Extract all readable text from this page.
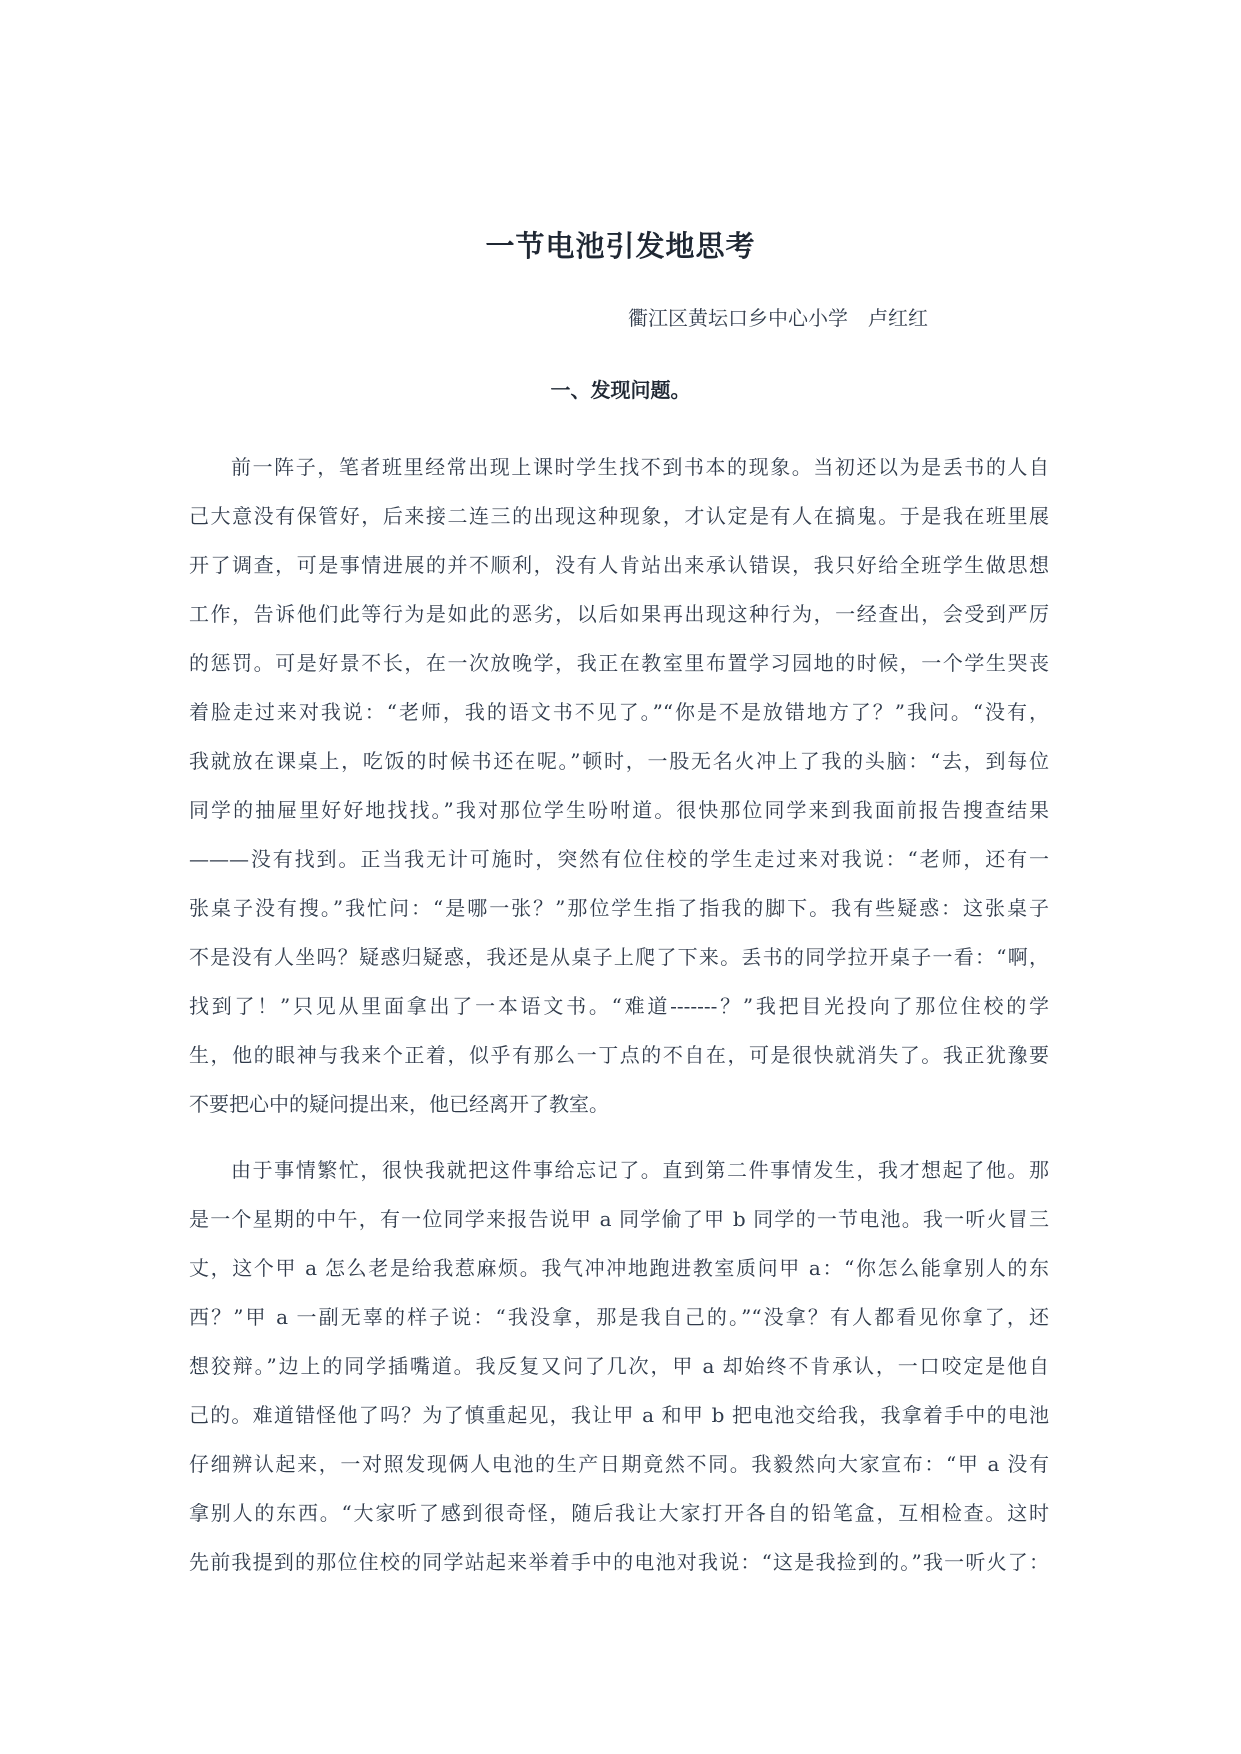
一节电池引发地思考
衢江区黄坛口乡中心小学　卢红红
一、发现问题。
前一阵子，笔者班里经常出现上课时学生找不到书本的现象。当初还以为是丢书的人自
己大意没有保管好，后来接二连三的出现这种现象，才认定是有人在搞鬼。于是我在班里展
开了调查，可是事情进展的并不顺利，没有人肯站出来承认错误，我只好给全班学生做思想
工作，告诉他们此等行为是如此的恶劣，以后如果再出现这种行为，一经查出，会受到严厉
的惩罚。可是好景不长，在一次放晚学，我正在教室里布置学习园地的时候，一个学生哭丧
着脸走过来对我说：“老师，我的语文书不见了。”“你是不是放错地方了？”我问。“没有，
我就放在课桌上，吃饭的时候书还在呢。”顿时，一股无名火冲上了我的头脑：“去，到每位
同学的抽屉里好好地找找。”我对那位学生吩咐道。很快那位同学来到我面前报告搜查结果
———没有找到。正当我无计可施时，突然有位住校的学生走过来对我说：“老师，还有一
张桌子没有搜。”我忙问：“是哪一张？”那位学生指了指我的脚下。我有些疑惑：这张桌子
不是没有人坐吗？疑惑归疑惑，我还是从桌子上爬了下来。丢书的同学拉开桌子一看：“啊，
找到了！”只见从里面拿出了一本语文书。“难道-------？”我把目光投向了那位住校的学
生，他的眼神与我来个正着，似乎有那么一丁点的不自在，可是很快就消失了。我正犹豫要
不要把心中的疑问提出来，他已经离开了教室。
由于事情繁忙，很快我就把这件事给忘记了。直到第二件事情发生，我才想起了他。那
是一个星期的中午，有一位同学来报告说甲 a 同学偷了甲 b 同学的一节电池。我一听火冒三
丈，这个甲 a 怎么老是给我惹麻烦。我气冲冲地跑进教室质问甲 a：“你怎么能拿别人的东
西？”甲 a 一副无辜的样子说：“我没拿，那是我自己的。”“没拿？有人都看见你拿了，还
想狡辩。”边上的同学插嘴道。我反复又问了几次，甲 a 却始终不肯承认，一口咬定是他自
己的。难道错怪他了吗？为了慎重起见，我让甲 a 和甲 b 把电池交给我，我拿着手中的电池
仔细辨认起来，一对照发现俩人电池的生产日期竟然不同。我毅然向大家宣布：“甲 a 没有
拿别人的东西。“大家听了感到很奇怪，随后我让大家打开各自的铅笔盒，互相检查。这时
先前我提到的那位住校的同学站起来举着手中的电池对我说：“这是我捡到的。”我一听火了：
